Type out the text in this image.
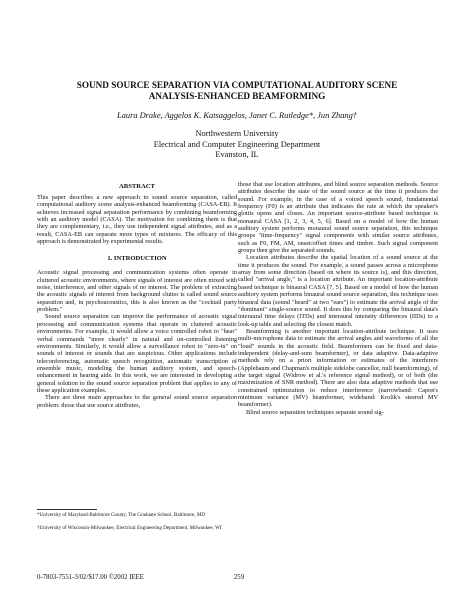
SOUND SOURCE SEPARATION VIA COMPUTATIONAL AUDITORY SCENE
ANALYSIS-ENHANCED BEAMFORMING
Laura Drake, Aggelos K. Katsaggelos, Janet C. Rutledge*, Jun Zhang†
Northwestern University
Electrical and Computer Engineering Department
Evanston, IL
ABSTRACT

This paper describes a new approach to sound source separation, called computational auditory scene analysis-enhanced beamforming (CASA-EB). It achieves increased signal separation performance by combining beamforming with an auditory model (CASA). The motivation for combining them is that they are complementary, i.e., they use independent signal attributes, and as a result, CASA-EB can separate more types of mixtures. The efficacy of this approach is demonstrated by experimental results.

1. INTRODUCTION

Acoustic signal processing and communication systems often operate in cluttered acoustic environments, where signals of interest are often mixed with noise, interference, and other signals of no interest. The problem of extracting the acoustic signals of interest from background clutter is called sound source separation and, in psychoacoustics, this is also known as the "cocktail party problem."

Sound source separation can improve the performance of acoustic signal processing and communication systems that operate in cluttered acoustic environments. For example, it would allow a voice controlled robot to "hear" verbal commands "more clearly" in natural and un-controlled listening environments. Similarly, it would allow a surveillance robot to "zero-in" on sounds of interest or sounds that are suspicious. Other applications include teleconferencing, automatic speech recognition, automatic transcription of ensemble music, modeling the human auditory system, and speech-enhancement in hearing aids. In this work, we are interested in developing a general solution to the sound source separation problem that applies to any of these application examples.

There are three main approaches to the general sound source separation problem: those that use source attributes,

those that use location attributes, and blind source separation methods. Source attributes describe the state of the sound source at the time it produces the sound. For example, in the case of a voiced speech sound, fundamental frequency (F0) is an attribute that indicates the rate at which the speaker's glottis opens and closes. An important source-attribute based technique is monaural CASA [1, 2, 3, 4, 5, 6]. Based on a model of how the human auditory system performs monaural sound source separation, this technique groups "time-frequency" signal components with similar source attributes, such as F0, FM, AM, onset/offset times and timbre. Such signal component groups then give the separated sounds.

Location attributes describe the spatial location of a sound source at the time it produces the sound. For example, a sound passes across a microphone array from some direction (based on where its source is), and this direction, called "arrival angle," is a location attribute. An important location-attribute based technique is binaural CASA [7, 5]. Based on a model of how the human auditory system performs binaural sound source separation, this technique uses binaural data (sound "heard" at two "ears") to estimate the arrival angle of the "dominant" single-source sound. It does this by comparing the binaural data's interaural time delays (ITDs) and interaural intensity differences (IIDs) to a look-up table and selecting the closest match.

Beamforming is another important location-attribute technique. It uses multi-microphone data to estimate the arrival angles and waveforms of all the "loud" sounds in the acoustic field. Beamformers can be fixed and data-independent (delay-and-sum beamformer), or data adaptive. Data-adaptive methods rely on a priori information or estimates of the interferers (Applebaum and Chapman's multiple sidelobe cancellor, null beamforming), of the target signal (Widrow et al.'s reference signal method), or of both (the maximization of SNR method). There are also data adaptive methods that use constrained optimization to reduce interference (narrowband: Capon's minimum variance (MV) beamformer, wideband: Krolik's steered MV beamformer).

Blind source separation techniques separate sound sig-

*University of Maryland-Baltimore County, The Graduate School, Baltimore, MD
†University of Wisconsin-Milwaukee, Electrical Engineering Department, Milwaukee, WI
0-7803-7551-3/02/$17.00 ©2002 IEEE	259
